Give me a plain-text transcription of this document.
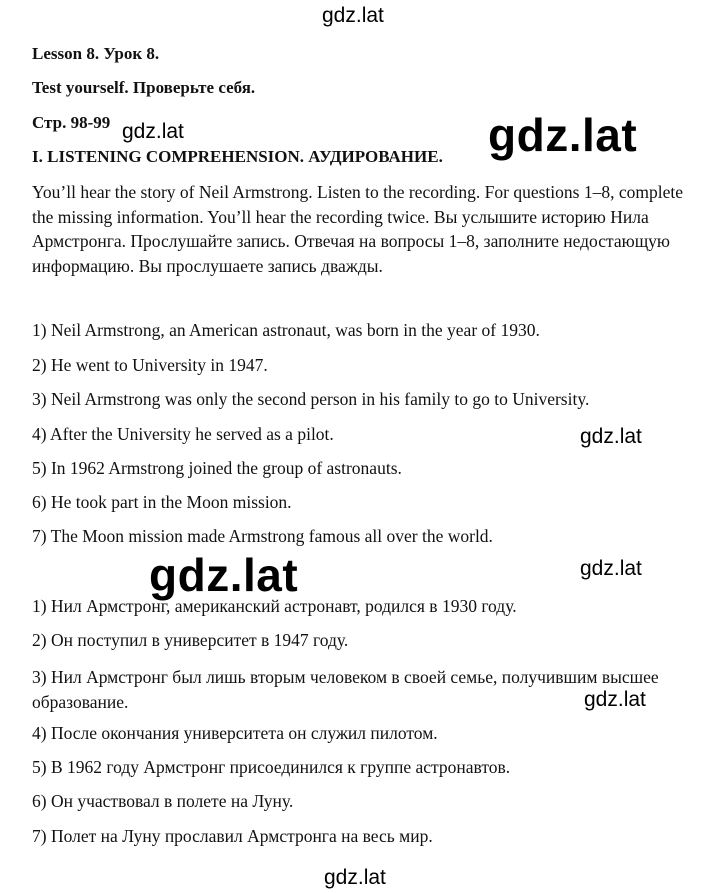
gdz.lat

Lesson 8. Урок 8.

Test yourself. Проверьте себя.

Стр. 98-99

I. LISTENING COMPREHENSION. АУДИРОВАНИЕ.

gdz.lat	gdz.lat

You’ll hear the story of Neil Armstrong. Listen to the recording. For questions 1–8, complete the missing information. You’ll hear the recording twice. Вы услышите историю Нила Армстронга. Прослушайте запись. Отвечая на вопросы 1–8, заполните недостающую информацию. Вы прослушаете запись дважды.

1) Neil Armstrong, an American astronaut, was born in the year of 1930.

2) He went to University in 1947.

3) Neil Armstrong was only the second person in his family to go to University.

4) After the University he served as a pilot.

5) In 1962 Armstrong joined the group of astronauts.

6) He took part in the Moon mission.

7) The Moon mission made Armstrong famous all over the world.

gdz.lat

gdz.lat	gdz.lat

1) Нил Армстронг, американский астронавт, родился в 1930 году.

2) Он поступил в университет в 1947 году.

3) Нил Армстронг был лишь вторым человеком в своей семье, получившим высшее образование.

4) После окончания университета он служил пилотом.

5) В 1962 году Армстронг присоединился к группе астронавтов.

6) Он участвовал в полете на Луну.

7) Полет на Луну прославил Армстронга на весь мир.

gdz.lat

gdz.lat
